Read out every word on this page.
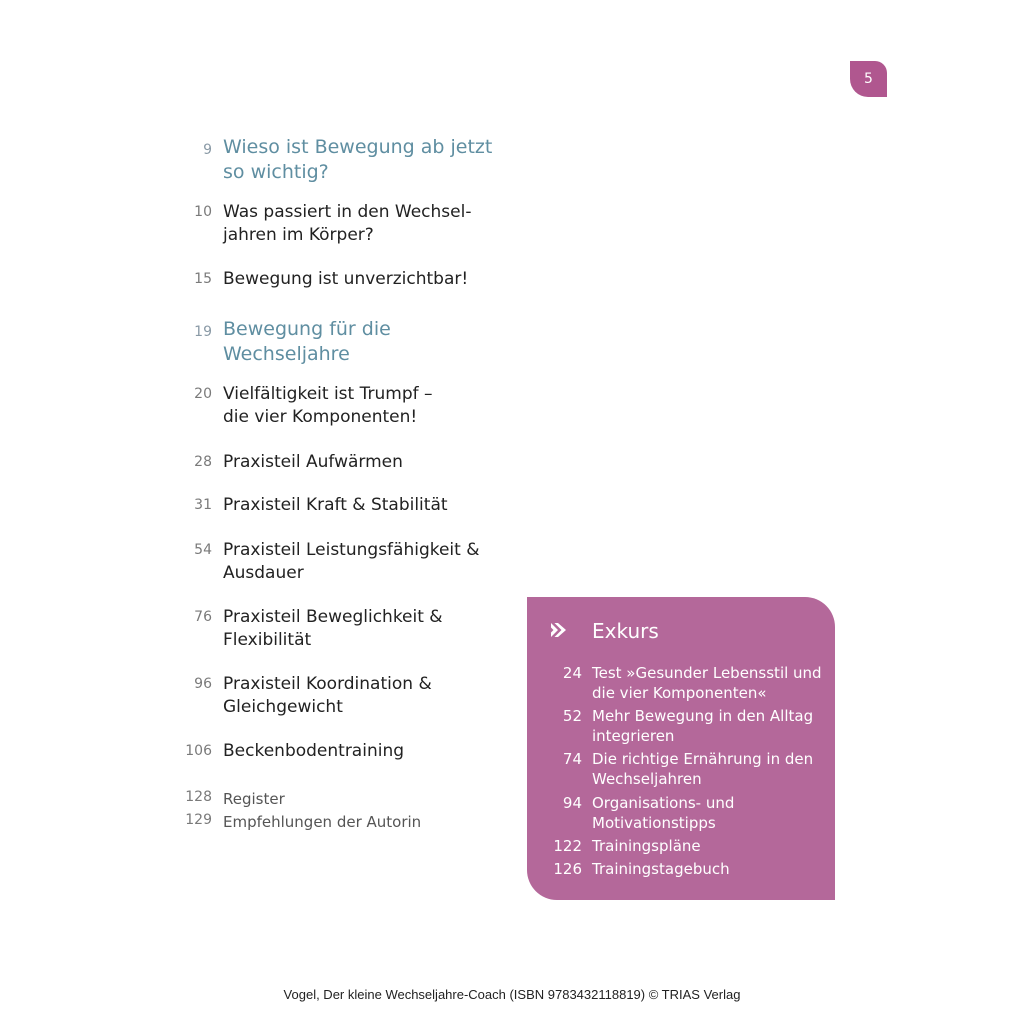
5
9 Wieso ist Bewegung ab jetzt
so wichtig?
10 Was passiert in den Wechsel-
jahren im Körper?
15 Bewegung ist unverzichtbar!
19 Bewegung für die
Wechseljahre
20 Vielfältigkeit ist Trumpf –
die vier Komponenten!
28 Praxisteil Aufwärmen
31 Praxisteil Kraft & Stabilität
54 Praxisteil Leistungsfähigkeit &
Ausdauer
76 Praxisteil Beweglichkeit &
Flexibilität
96 Praxisteil Koordination &
Gleichgewicht
106 Beckenbodentraining
128 Register
129 Empfehlungen der Autorin
Exkurs
24 Test »Gesunder Lebensstil und
die vier Komponenten«
52 Mehr Bewegung in den Alltag
integrieren
74 Die richtige Ernährung in den
Wechseljahren
94 Organisations- und
Motivationstipps
122 Trainingspläne
126 Trainingstagebuch
Vogel, Der kleine Wechseljahre-Coach (ISBN 9783432118819) © TRIAS Verlag
